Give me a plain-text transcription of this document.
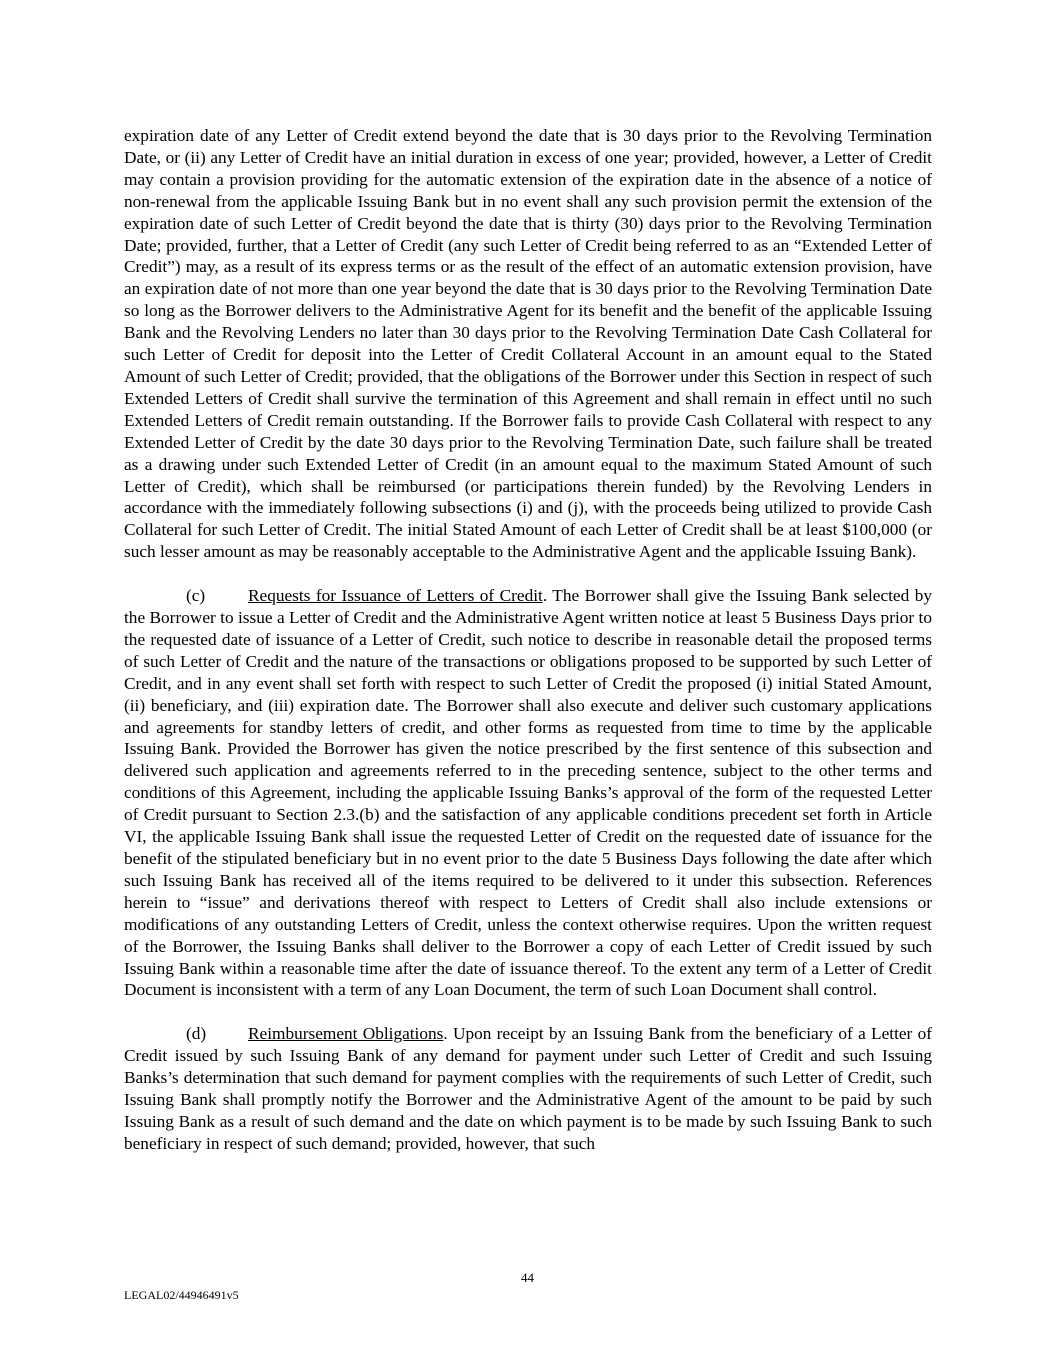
expiration date of any Letter of Credit extend beyond the date that is 30 days prior to the Revolving Termination Date, or (ii) any Letter of Credit have an initial duration in excess of one year; provided, however, a Letter of Credit may contain a provision providing for the automatic extension of the expiration date in the absence of a notice of non-renewal from the applicable Issuing Bank but in no event shall any such provision permit the extension of the expiration date of such Letter of Credit beyond the date that is thirty (30) days prior to the Revolving Termination Date; provided, further, that a Letter of Credit (any such Letter of Credit being referred to as an “Extended Letter of Credit”) may, as a result of its express terms or as the result of the effect of an automatic extension provision, have an expiration date of not more than one year beyond the date that is 30 days prior to the Revolving Termination Date so long as the Borrower delivers to the Administrative Agent for its benefit and the benefit of the applicable Issuing Bank and the Revolving Lenders no later than 30 days prior to the Revolving Termination Date Cash Collateral for such Letter of Credit for deposit into the Letter of Credit Collateral Account in an amount equal to the Stated Amount of such Letter of Credit; provided, that the obligations of the Borrower under this Section in respect of such Extended Letters of Credit shall survive the termination of this Agreement and shall remain in effect until no such Extended Letters of Credit remain outstanding. If the Borrower fails to provide Cash Collateral with respect to any Extended Letter of Credit by the date 30 days prior to the Revolving Termination Date, such failure shall be treated as a drawing under such Extended Letter of Credit (in an amount equal to the maximum Stated Amount of such Letter of Credit), which shall be reimbursed (or participations therein funded) by the Revolving Lenders in accordance with the immediately following subsections (i) and (j), with the proceeds being utilized to provide Cash Collateral for such Letter of Credit. The initial Stated Amount of each Letter of Credit shall be at least $100,000 (or such lesser amount as may be reasonably acceptable to the Administrative Agent and the applicable Issuing Bank).

(c) Requests for Issuance of Letters of Credit. The Borrower shall give the Issuing Bank selected by the Borrower to issue a Letter of Credit and the Administrative Agent written notice at least 5 Business Days prior to the requested date of issuance of a Letter of Credit, such notice to describe in reasonable detail the proposed terms of such Letter of Credit and the nature of the transactions or obligations proposed to be supported by such Letter of Credit, and in any event shall set forth with respect to such Letter of Credit the proposed (i) initial Stated Amount, (ii) beneficiary, and (iii) expiration date. The Borrower shall also execute and deliver such customary applications and agreements for standby letters of credit, and other forms as requested from time to time by the applicable Issuing Bank. Provided the Borrower has given the notice prescribed by the first sentence of this subsection and delivered such application and agreements referred to in the preceding sentence, subject to the other terms and conditions of this Agreement, including the applicable Issuing Banks’s approval of the form of the requested Letter of Credit pursuant to Section 2.3.(b) and the satisfaction of any applicable conditions precedent set forth in Article VI, the applicable Issuing Bank shall issue the requested Letter of Credit on the requested date of issuance for the benefit of the stipulated beneficiary but in no event prior to the date 5 Business Days following the date after which such Issuing Bank has received all of the items required to be delivered to it under this subsection. References herein to “issue” and derivations thereof with respect to Letters of Credit shall also include extensions or modifications of any outstanding Letters of Credit, unless the context otherwise requires. Upon the written request of the Borrower, the Issuing Banks shall deliver to the Borrower a copy of each Letter of Credit issued by such Issuing Bank within a reasonable time after the date of issuance thereof. To the extent any term of a Letter of Credit Document is inconsistent with a term of any Loan Document, the term of such Loan Document shall control.

(d) Reimbursement Obligations. Upon receipt by an Issuing Bank from the beneficiary of a Letter of Credit issued by such Issuing Bank of any demand for payment under such Letter of Credit and such Issuing Banks’s determination that such demand for payment complies with the requirements of such Letter of Credit, such Issuing Bank shall promptly notify the Borrower and the Administrative Agent of the amount to be paid by such Issuing Bank as a result of such demand and the date on which payment is to be made by such Issuing Bank to such beneficiary in respect of such demand; provided, however, that such

44
LEGAL02/44946491v5
